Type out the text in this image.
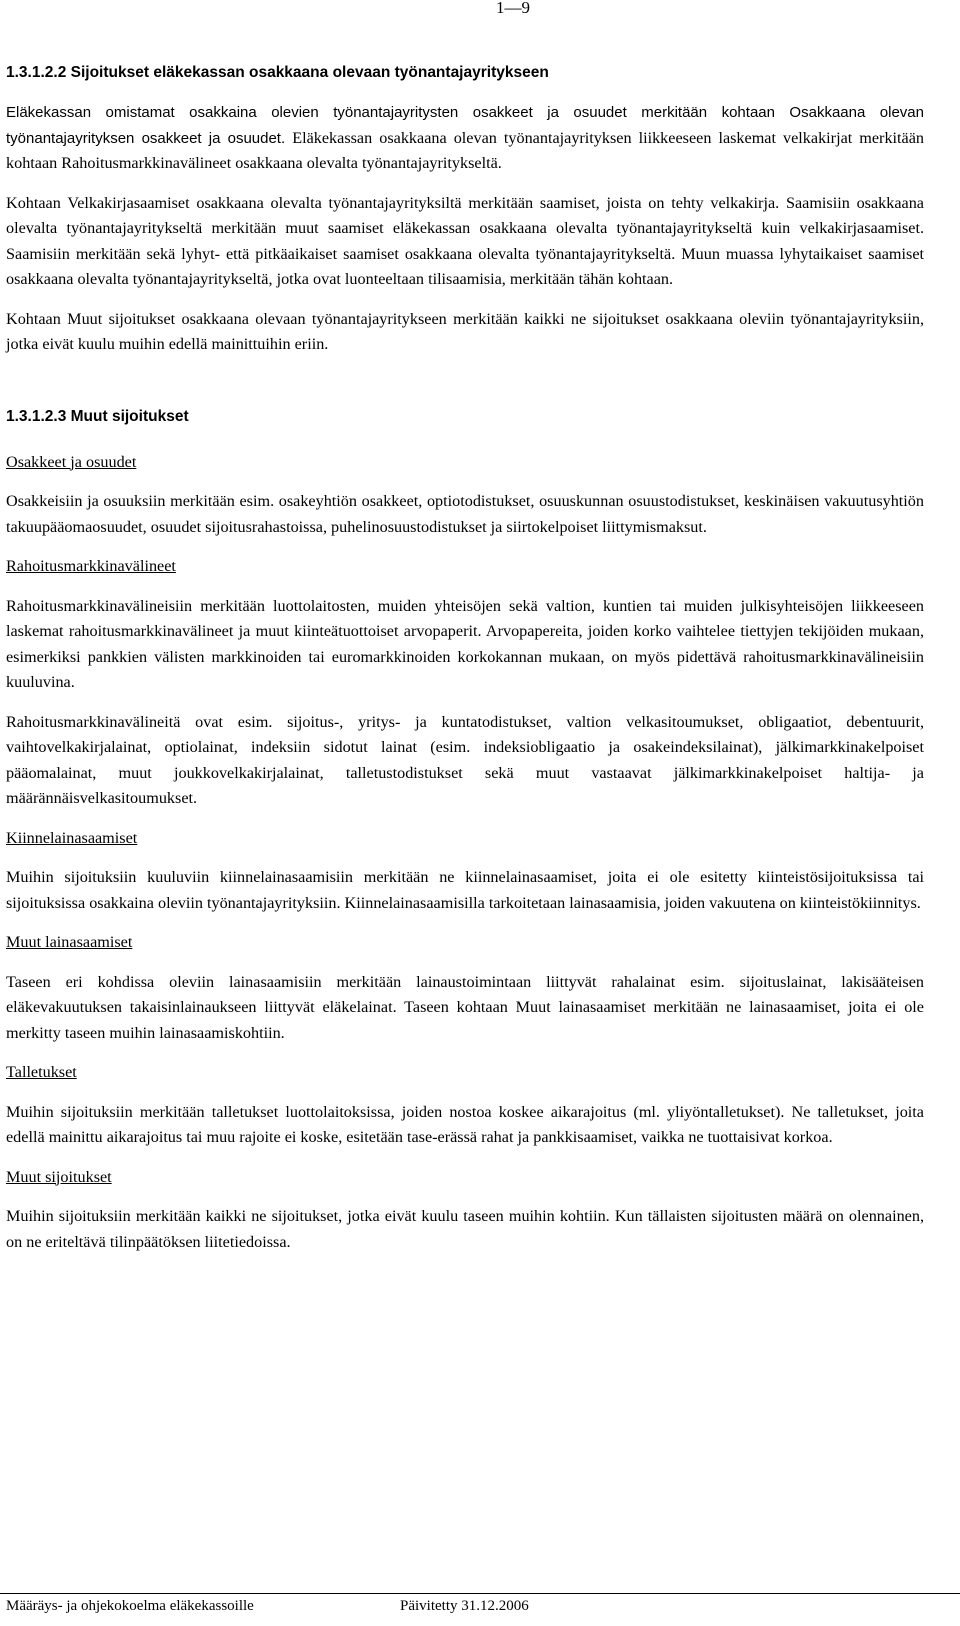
1—9
1.3.1.2.2 Sijoitukset eläkekassan osakkaana olevaan työnantajayritykseen

Eläkekassan omistamat osakkaina olevien työnantajayritysten osakkeet ja osuudet merkitään kohtaan Osakkaana olevan työnantajayrityksen osakkeet ja osuudet. Eläkekassan osakkaana olevan työnantajayrityksen liikkeeseen laskemat velkakirjat merkitään kohtaan Rahoitusmarkkinavälineet osakkaana olevalta työnantajayritykseltä.

Kohtaan Velkakirjasaamiset osakkaana olevalta työnantajayrityksiltä merkitään saamiset, joista on tehty velkakirja. Saamisiin osakkaana olevalta työnantajayritykseltä merkitään muut saamiset eläkekassan osakkaana olevalta työnantajayritykseltä kuin velkakirjasaamiset. Saamisiin merkitään sekä lyhyt- että pitkäaikaiset saamiset osakkaana olevalta työnantajayritykseltä. Muun muassa lyhytaikaiset saamiset osakkaana olevalta työnantajayritykseltä, jotka ovat luonteeltaan tilisaamisia, merkitään tähän kohtaan.

Kohtaan Muut sijoitukset osakkaana olevaan työnantajayritykseen merkitään kaikki ne sijoitukset osakkaana oleviin työnantajayrityksiin, jotka eivät kuulu muihin edellä mainittuihin eriin.

1.3.1.2.3 Muut sijoitukset
Osakkeet ja osuudet

Osakkeisiin ja osuuksiin merkitään esim. osakeyhtiön osakkeet, optiotodistukset, osuuskunnan osuustodistukset, keskinäisen vakuutusyhtiön takuupääomaosuudet, osuudet sijoitusrahastoissa, puhelinosuustodistukset ja siirtokelpoiset liittymismaksut.

Rahoitusmarkkinavälineet

Rahoitusmarkkinavälineisiin merkitään luottolaitosten, muiden yhteisöjen sekä valtion, kuntien tai muiden julkisyhteisöjen liikkeeseen laskemat rahoitusmarkkinavälineet ja muut kiinteätuottoiset arvopaperit. Arvopapereita, joiden korko vaihtelee tiettyjen tekijöiden mukaan, esimerkiksi pankkien välisten markkinoiden tai euromarkkinoiden korkokannan mukaan, on myös pidettävä rahoitusmarkkinavälineisiin kuuluvina.

Rahoitusmarkkinavälineitä ovat esim. sijoitus-, yritys- ja kuntatodistukset, valtion velkasitoumukset, obligaatiot, debentuurit, vaihtovelkakirjalainat, optiolainat, indeksiin sidotut lainat (esim. indeksiobligaatio ja osakeindeksilainat), jälkimarkkinakelpoiset pääomalainat, muut joukkovelkakirjalainat, talletustodistukset sekä muut vastaavat jälkimarkkinakelpoiset haltija- ja määrännäisvelkasitoumukset.

Kiinnelainasaamiset

Muihin sijoituksiin kuuluviin kiinnelainasaamisiin merkitään ne kiinnelainasaamiset, joita ei ole esitetty kiinteistösijoituksissa tai sijoituksissa osakkaina oleviin työnantajayrityksiin. Kiinnelainasaamisilla tarkoitetaan lainasaamisia, joiden vakuutena on kiinteistökiinnitys.

Muut lainasaamiset

Taseen eri kohdissa oleviin lainasaamisiin merkitään lainaustoimintaan liittyvät rahalainat esim. sijoituslainat, lakisääteisen eläkevakuutuksen takaisinlainaukseen liittyvät eläkelainat. Taseen kohtaan Muut lainasaamiset merkitään ne lainasaamiset, joita ei ole merkitty taseen muihin lainasaamiskohtiin.

Talletukset

Muihin sijoituksiin merkitään talletukset luottolaitoksissa, joiden nostoa koskee aikarajoitus (ml. yliyöntalletukset). Ne talletukset, joita edellä mainittu aikarajoitus tai muu rajoite ei koske, esitetään tase-erässä rahat ja pankkisaamiset, vaikka ne tuottaisivat korkoa.

Muut sijoitukset

Muihin sijoituksiin merkitään kaikki ne sijoitukset, jotka eivät kuulu taseen muihin kohtiin. Kun tällaisten sijoitusten määrä on olennainen, on ne eriteltävä tilinpäätöksen liitetiedoissa.

Määräys- ja ohjekokoelma eläkekassoille	Päivitetty 31.12.2006
